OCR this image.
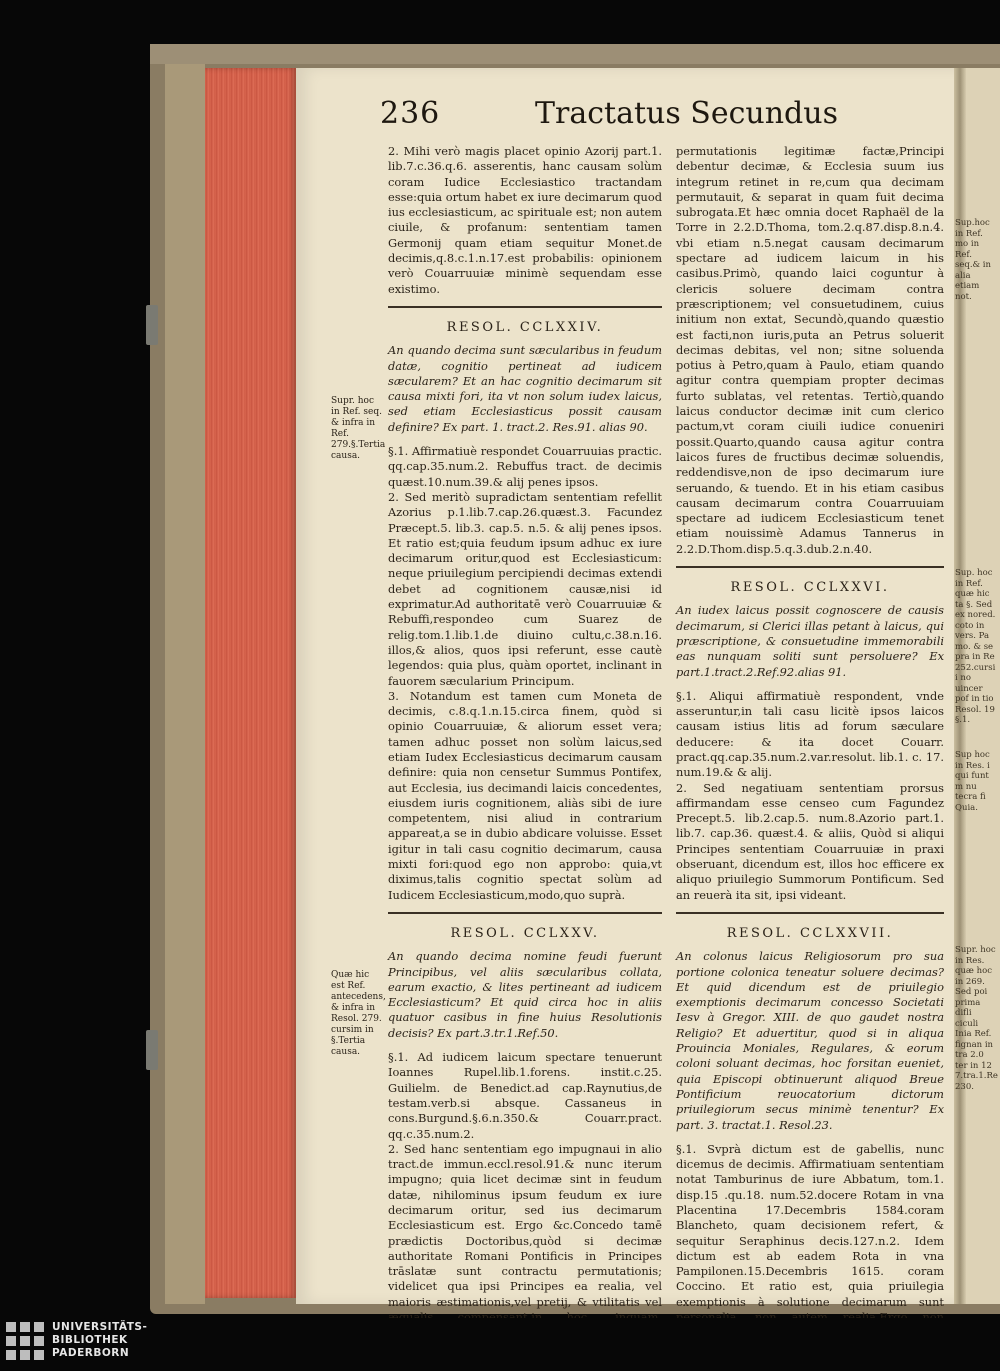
236	Tractatus Secundus

2. Mihi verò magis placet opinio Azorij part.1. lib.7.c.36.q.6. asserentis, hanc causam solùm coram Iudice Ecclesiastico tractandam esse:quia ortum habet ex iure decimarum quod ius ecclesiasticum, ac spirituale est; non autem ciuile, & profanum: sententiam tamen Germonij quam etiam sequitur Monet.de decimis,q.8.c.1.n.17.est probabilis: opinionem verò Couarruuiæ minimè sequendam esse existimo.

RESOL. CCLXXIV.

An quando decima sunt sæcularibus in feudum datæ, cognitio pertineat ad iudicem sæcularem? Et an hac cognitio decimarum sit causa mixti fori, ita vt non solum iudex laicus, sed etiam Ecclesiasticus possit causam definire? Ex part. 1. tract.2. Res.91. alias 90.

§.1. Affirmatiuè respondet Couarruuias practic. qq.cap.35.num.2. Rebuffus tract. de decimis quæst.10.num.39.& alij penes ipsos.

2. Sed meritò supradictam sententiam refellit Azorius p.1.lib.7.cap.26.quæst.3. Facundez Præcept.5. lib.3. cap.5. n.5. & alij penes ipsos. Et ratio est;quia feudum ipsum adhuc ex iure decimarum oritur,quod est Ecclesiasticum: neque priuilegium percipiendi decimas extendi debet ad cognitionem causæ,nisi id exprimatur.Ad authoritatē verò Couarruuiæ & Rebuffi,respondeo cum Suarez de relig.tom.1.lib.1.de diuino cultu,c.38.n.16. illos,& alios, quos ipsi referunt, esse cautè legendos: quia plus, quàm oportet, inclinant in fauorem sæcularium Principum.

3. Notandum est tamen cum Moneta de decimis, c.8.q.1.n.15.circa finem, quòd si opinio Couarruuiæ, & aliorum esset vera; tamen adhuc posset non solùm laicus,sed etiam Iudex Ecclesiasticus decimarum causam definire: quia non censetur Summus Pontifex, aut Ecclesia, ius decimandi laicis concedentes, eiusdem iuris cognitionem, aliàs sibi de iure competentem, nisi aliud in contrarium appareat,a se in dubio abdicare voluisse. Esset igitur in tali casu cognitio decimarum, causa mixti fori:quod ego non approbo: quia,vt diximus,talis cognitio spectat solùm ad Iudicem Ecclesiasticum,modo,quo suprà.

RESOL. CCLXXV.

An quando decima nomine feudi fuerunt Principibus, vel aliis sæcularibus collata, earum exactio, & lites pertineant ad iudicem Ecclesiasticum? Et quid circa hoc in aliis quatuor casibus in fine huius Resolutionis decisis? Ex part.3.tr.1.Ref.50.

§.1. Ad iudicem laicum spectare tenuerunt Ioannes Rupel.lib.1.forens. instit.c.25. Guilielm. de Benedict.ad cap.Raynutius,de testam.verb.si absque. Cassaneus in cons.Burgund.§.6.n.350.& Couarr.pract. qq.c.35.num.2.

2. Sed hanc sententiam ego impugnaui in alio tract.de immun.eccl.resol.91.& nunc iterum impugno; quia licet decimæ sint in feudum datæ, nihilominus ipsum feudum ex iure decimarum oritur, sed ius decimarum Ecclesiasticum est. Ergo &c.Concedo tamē prædictis Doctoribus,quòd si decimæ authoritate Romani Pontificis in Principes trāslatæ sunt contractu permutationis; videlicet qua ipsi Principes ea realia, vel maioris æstimationis,vel pretij, & vtilitatis vel

Supr. hoc in Ref. seq. & infra in Ref. 279.§.Tertia causa.
Quæ hic est Ref. antecedens, & infra in Resol. 279. cursim in §.Tertia causa.

permutationis legitimæ factæ,Principi debentur decimæ, & Ecclesia suum ius integrum retinet in re,cum qua decimam permutauit, & separat in quam fuit decima subrogata.Et hæc omnia docet Raphaël de la Torre in 2.2.D.Thoma, tom.2.q.87.disp.8.n.4. vbi etiam n.5.negat causam decimarum spectare ad iudicem laicum in his casibus.Primò, quando laici coguntur à clericis soluere decimam contra præscriptionem; vel consuetudinem, cuius initium non extat, Secundò,quando quæstio est facti,non iuris,puta an Petrus soluerit decimas debitas, vel non; sitne soluenda potius à Petro,quam à Paulo, etiam quando agitur contra quempiam propter decimas furto sublatas, vel retentas. Tertiò,quando laicus conductor decimæ init cum clerico pactum,vt coram ciuili iudice conueniri possit.Quarto,quando causa agitur contra laicos fures de fructibus decimæ soluendis, reddendisve,non de ipso decimarum iure seruando, & tuendo. Et in his etiam casibus causam decimarum contra Couarruuiam spectare ad iudicem Ecclesiasticum tenet etiam nouissimè Adamus Tannerus in 2.2.D.Thom.disp.5.q.3.dub.2.n.40.

RESOL. CCLXXVI.

An iudex laicus possit cognoscere de causis decimarum, si Clerici illas petant à laicus, qui præscriptione, & consuetudine immemorabili eas nunquam soliti sunt persoluere? Ex part.1.tract.2.Ref.92.alias 91.

§.1. Aliqui affirmatiuè respondent, vnde asseruntur,in tali casu licitè ipsos laicos causam istius litis ad forum sæculare deducere: & ita docet Couarr. pract.qq.cap.35.num.2.var.resolut. lib.1. c. 17. num.19.& & alij.

2. Sed negatiuam sententiam prorsus affirmandam esse censeo cum Fagundez Precept.5. lib.2.cap.5. num.8.Azorio part.1. lib.7. cap.36. quæst.4. & aliis, Quòd si aliqui Principes sententiam Couarruuiæ in praxi obseruant, dicendum est, illos hoc efficere ex aliquo priuilegio Summorum Pontificum. Sed an reuerà ita sit, ipsi videant.

RESOL. CCLXXVII.

An colonus laicus Religiosorum pro sua portione colonica teneatur soluere decimas? Et quid dicendum est de priuilegio exemptionis decimarum concesso Societati Iesv à Gregor. XIII. de quo gaudet nostra Religio? Et aduertitur, quod si in aliqua Prouincia Moniales, Regulares, & eorum coloni soluant decimas, hoc forsitan eueniet, quia Episcopi obtinuerunt aliquod Breue Pontificium reuocatorium dictorum priuilegiorum secus minimè tenentur? Ex part. 3. tractat.1. Resol.23.

§.1. Svprà dictum est de gabellis, nunc dicemus de decimis. Affirmatiuam sententiam notat Tamburinus de iure Abbatum, tom.1. disp.15 .qu.18. num.52.docere Rotam in vna Placentina 17.Decembris 1584.coram Blancheto, quam decisionem refert, & sequitur Seraphinus decis.127.n.2. Idem dictum est ab eadem Rota in vna Pampilonen.15.Decembris 1615. coram Coccino. Et ratio est, quia priuilegia exemptionis à solutione decimarum sunt

Sup.hoc in Ref. mo in Ref. seq.& in alia etiam not.
Sup. hoc in Ref. quæ hic ta §. Sed ex nored. coto in vers. Pa mo. & se pra in Re 252.cursi i no uincer pof in tio Resol. 19 §.1.
Sup hoc in Res. i qui funt m nu tecra fi Quia.
Supr. hoc in Res. quæ hoc in 269. Sed poi prima difli ciculi Inia Ref. fignan in tra 2.0 ter in 12 7.tra.1.Re 230.
UNIVERSITÄTS-
BIBLIOTHEK
PADERBORN
